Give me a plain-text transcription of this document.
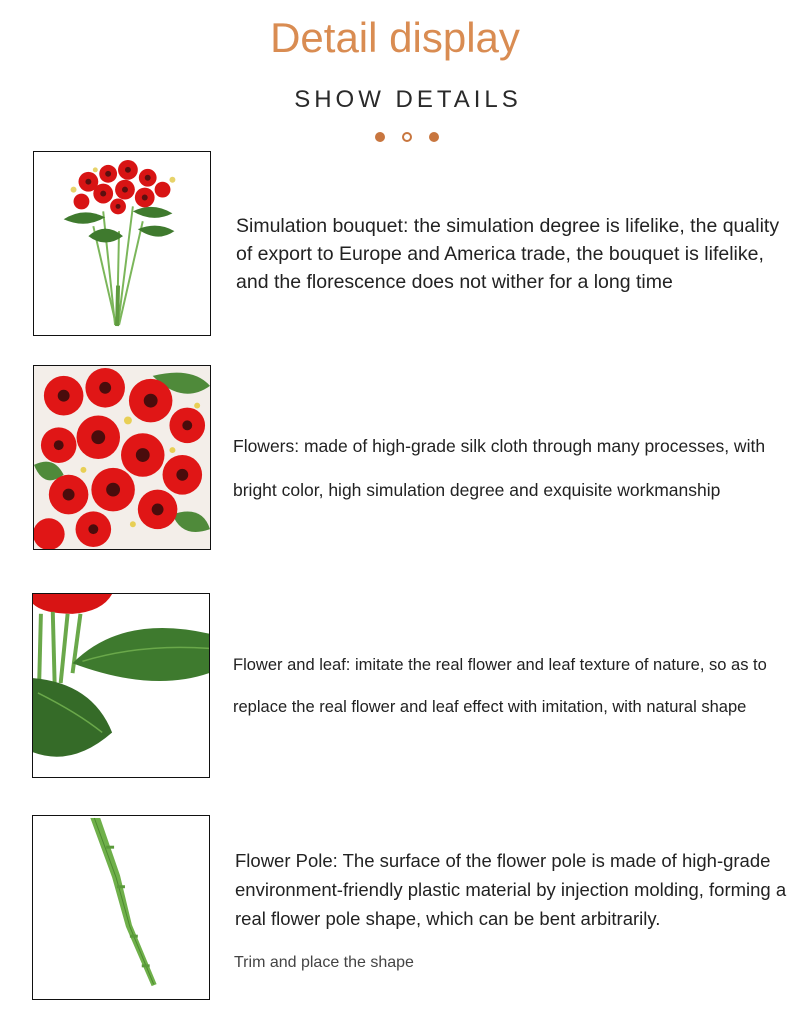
Detail display
SHOW DETAILS
Simulation bouquet: the simulation degree is lifelike, the quality of export to Europe and America trade, the bouquet is lifelike, and the florescence does not wither for a long time
Flowers: made of high-grade silk cloth through many processes, with bright color, high simulation degree and exquisite workmanship
Flower and leaf: imitate the real flower and leaf texture of nature, so as to replace the real flower and leaf effect with imitation, with natural shape
Flower Pole: The surface of the flower pole is made of high-grade environment-friendly plastic material by injection molding, forming a real flower pole shape, which can be bent arbitrarily.
Trim and place the shape
